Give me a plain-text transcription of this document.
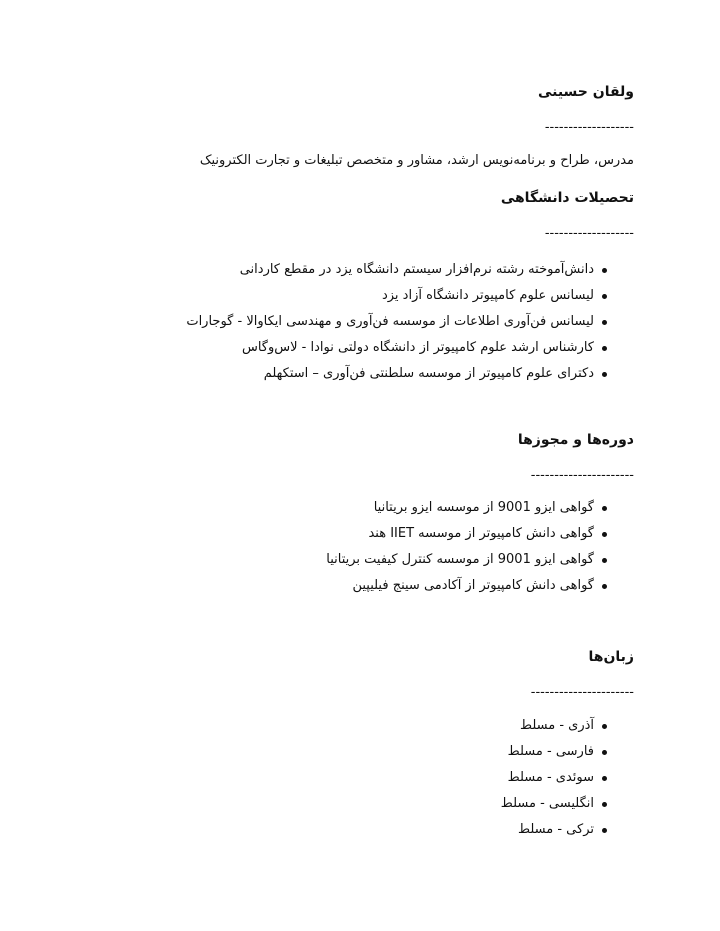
ولقان حسینی
-------------------
مدرس، طراح و برنامه‌نویس ارشد، مشاور و متخصص تبلیغات و تجارت الکترونیک
تحصیلات دانشگاهی
-------------------
دانش‌آموخته رشته نرم‌افزار سیستم دانشگاه یزد در مقطع کاردانی
لیسانس علوم کامپیوتر دانشگاه آزاد یزد
لیسانس فن‌آوری اطلاعات از موسسه فن‌آوری و مهندسی ایکاوالا - گوجارات
کارشناس ارشد علوم کامپیوتر از دانشگاه دولتی نوادا - لاس‌وگاس
دکترای علوم کامپیوتر از موسسه سلطنتی فن‌آوری – استکهلم
دوره‌ها و مجوزها
----------------------
گواهی ایزو 9001 از موسسه ایزو بریتانیا
گواهی دانش کامپیوتر از موسسه IIET هند
گواهی ایزو 9001 از موسسه کنترل کیفیت بریتانیا
گواهی دانش کامپیوتر از آکادمی سینج فیلیپین
زبان‌ها
----------------------
آذری - مسلط
فارسی - مسلط
سوئدی - مسلط
انگلیسی - مسلط
ترکی - مسلط
